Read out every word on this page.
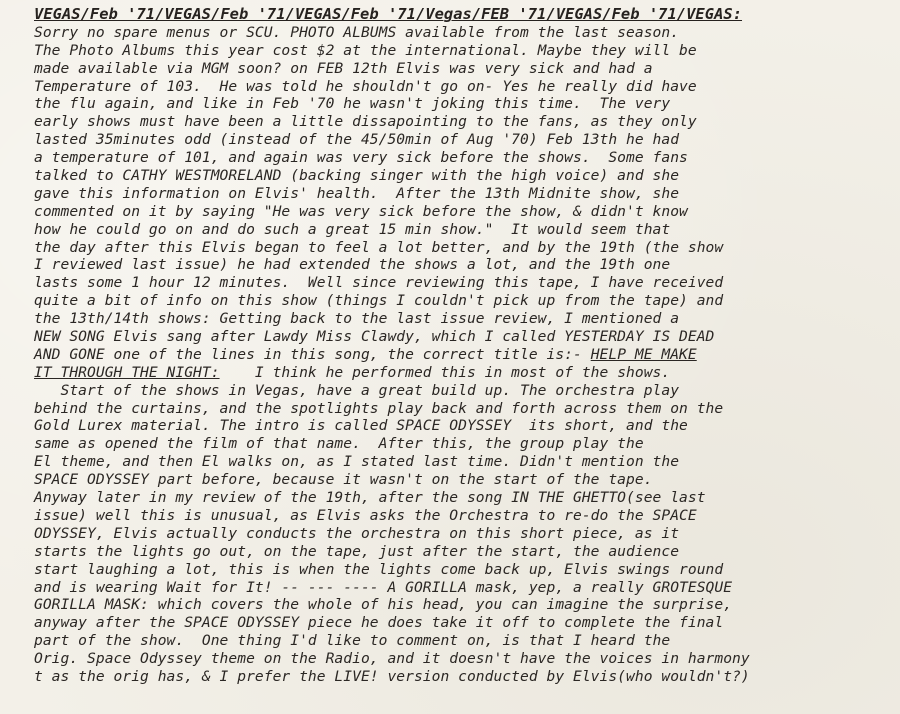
VEGAS/Feb '71/VEGAS/Feb '71/VEGAS/Feb '71/Vegas/FEB '71/VEGAS/Feb '71/VEGAS:
Sorry no spare menus or SCU. PHOTO ALBUMS available from the last season.
The Photo Albums this year cost $2 at the international. Maybe they will be
made available via MGM soon? on FEB 12th Elvis was very sick and had a
Temperature of 103.  He was told he shouldn't go on- Yes he really did have
the flu again, and like in Feb '70 he wasn't joking this time.  The very
early shows must have been a little dissapointing to the fans, as they only
lasted 35minutes odd (instead of the 45/50min of Aug '70) Feb 13th he had
a temperature of 101, and again was very sick before the shows.  Some fans
talked to CATHY WESTMORELAND (backing singer with the high voice) and she
gave this information on Elvis' health.  After the 13th Midnite show, she
commented on it by saying "He was very sick before the show, & didn't know
how he could go on and do such a great 15 min show."  It would seem that
the day after this Elvis began to feel a lot better, and by the 19th (the show
I reviewed last issue) he had extended the shows a lot, and the 19th one
lasts some 1 hour 12 minutes.  Well since reviewing this tape, I have received
quite a bit of info on this show (things I couldn't pick up from the tape) and
the 13th/14th shows: Getting back to the last issue review, I mentioned a
NEW SONG Elvis sang after Lawdy Miss Clawdy, which I called YESTERDAY IS DEAD
AND GONE one of the lines in this song, the correct title is:- HELP ME MAKE
IT THROUGH THE NIGHT:    I think he performed this in most of the shows.
Start of the shows in Vegas, have a great build up. The orchestra play
behind the curtains, and the spotlights play back and forth across them on the
Gold Lurex material. The intro is called SPACE ODYSSEY  its short, and the
same as opened the film of that name.  After this, the group play the
El theme, and then El walks on, as I stated last time. Didn't mention the
SPACE ODYSSEY part before, because it wasn't on the start of the tape.
Anyway later in my review of the 19th, after the song IN THE GHETTO(see last
issue) well this is unusual, as Elvis asks the Orchestra to re-do the SPACE
ODYSSEY, Elvis actually conducts the orchestra on this short piece, as it
starts the lights go out, on the tape, just after the start, the audience
start laughing a lot, this is when the lights come back up, Elvis swings round
and is wearing Wait for It! -- --- ---- A GORILLA mask, yep, a really GROTESQUE
GORILLA MASK: which covers the whole of his head, you can imagine the surprise,
anyway after the SPACE ODYSSEY piece he does take it off to complete the final
part of the show.  One thing I'd like to comment on, is that I heard the
Orig. Space Odyssey theme on the Radio, and it doesn't have the voices in harmony
t as the orig has, & I prefer the LIVE! version conducted by Elvis(who wouldn't?)
